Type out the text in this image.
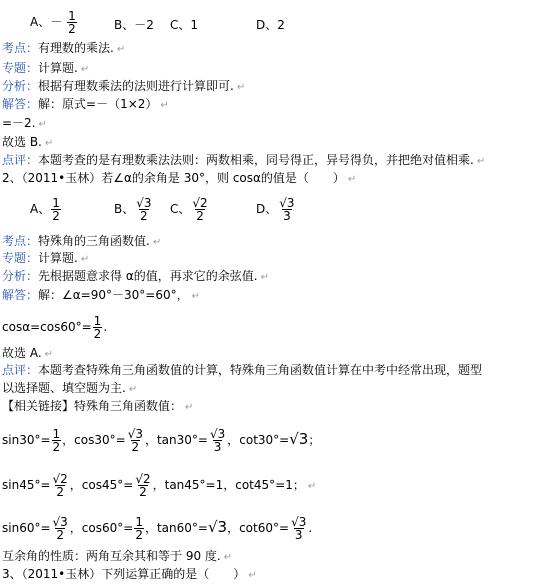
A、－ $\frac{1}{2}$	B、－2 C、1	D、2
考点：有理数的乘法. ↵
专题：计算题. ↵
分析：根据有理数乘法的法则进行计算即可. ↵
解答：解：原式=－（1×2） ↵
=－2. ↵
故选 B. ↵
点评：本题考查的是有理数乘法法则：两数相乘，同号得正，异号得负，并把绝对值相乘. ↵
2、（2011•玉林）若∠α的余角是 30°，则 cosα的值是（　　） ↵
A、 $\frac{1}{2}$	B、 $\frac{√3}{2}$ C、 $\frac{√2}{2}$	D、 $\frac{√3}{3}$
考点：特殊角的三角函数值. ↵
专题：计算题. ↵
分析：先根据题意求得 α的值，再求它的余弦值. ↵
解答：解：∠α=90°－30°=60°， ↵
$\cos\alpha=\cos 60^\circ= \frac{1}{2}$ .
故选 A. ↵
点评：本题考查特殊角三角函数值的计算，特殊角三角函数值计算在中考中经常出现，题型
以选择题、填空题为主. ↵
【相关链接】特殊角三角函数值： ↵
$\sin 30^\circ= \frac{1}{2}$ ，$\cos 30^\circ= \frac{√3}{2}$ ，$\tan 30^\circ= \frac{√3}{3}$ ，cot30°=√3；
$\sin 45^\circ= \frac{√2}{2}$ ，$\cos 45^\circ= \frac{√2}{2}$ ，tan45°=1，cot45°=1； ↵
$\sin 60^\circ= \frac{√3}{2}$ ，$\cos 60^\circ= \frac{1}{2}$ ，tan60°=√3，$\cot 60^\circ= \frac{√3}{3}$ .
互余角的性质：两角互余其和等于 90 度. ↵
3、（2011•玉林）下列运算正确的是（　　） ↵
